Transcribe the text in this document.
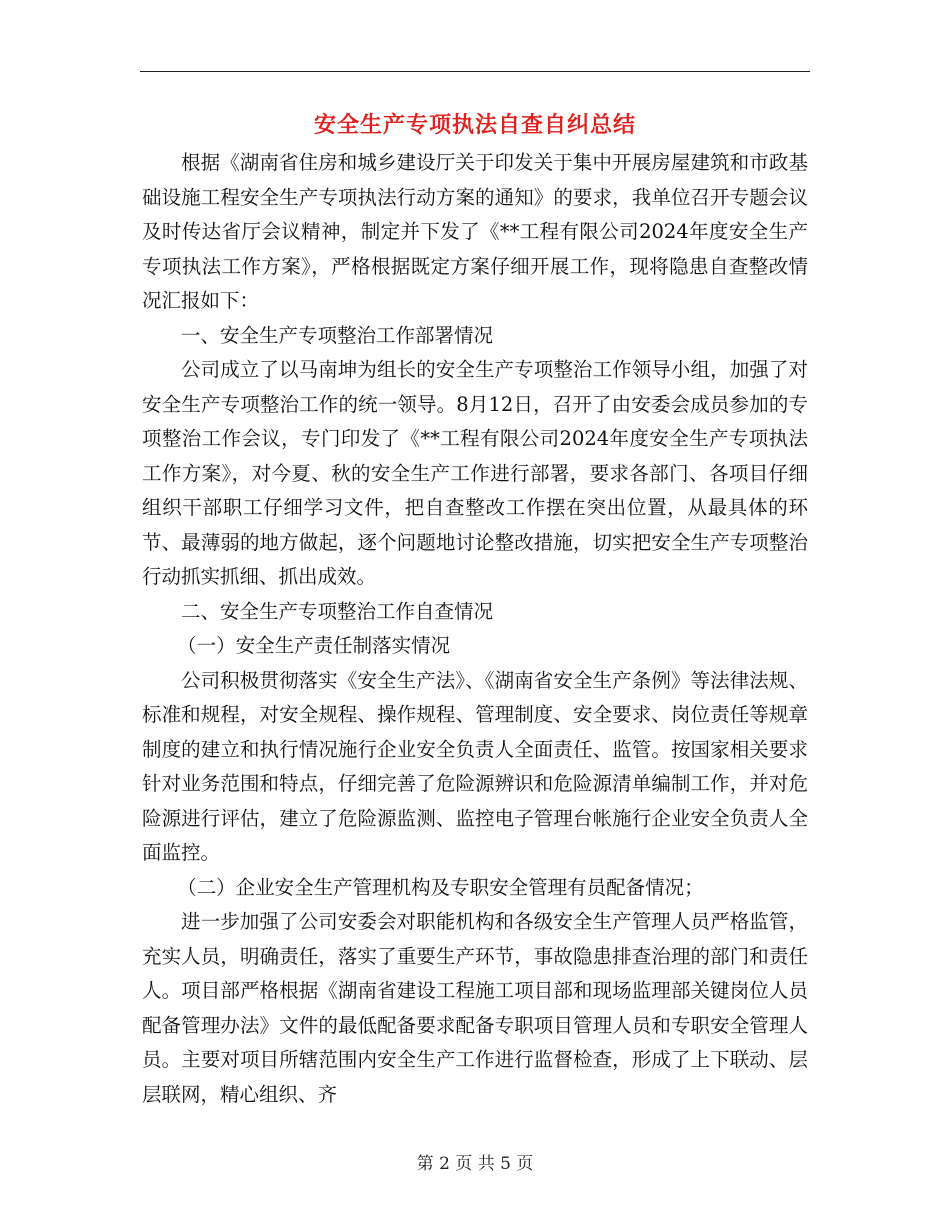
安全生产专项执法自查自纠总结

根据《湖南省住房和城乡建设厅关于印发关于集中开展房屋建筑和市政基础设施工程安全生产专项执法行动方案的通知》的要求，我单位召开专题会议及时传达省厅会议精神，制定并下发了《**工程有限公司2024年度安全生产专项执法工作方案》，严格根据既定方案仔细开展工作，现将隐患自查整改情况汇报如下：

一、安全生产专项整治工作部署情况

公司成立了以马南坤为组长的安全生产专项整治工作领导小组，加强了对安全生产专项整治工作的统一领导。8月12日，召开了由安委会成员参加的专项整治工作会议，专门印发了《**工程有限公司2024年度安全生产专项执法工作方案》，对今夏、秋的安全生产工作进行部署，要求各部门、各项目仔细组织干部职工仔细学习文件，把自查整改工作摆在突出位置，从最具体的环节、最薄弱的地方做起，逐个问题地讨论整改措施，切实把安全生产专项整治行动抓实抓细、抓出成效。

二、安全生产专项整治工作自查情况

（一）安全生产责任制落实情况

公司积极贯彻落实《安全生产法》、《湖南省安全生产条例》等法律法规、标准和规程，对安全规程、操作规程、管理制度、安全要求、岗位责任等规章制度的建立和执行情况施行企业安全负责人全面责任、监管。按国家相关要求针对业务范围和特点，仔细完善了危险源辨识和危险源清单编制工作，并对危险源进行评估，建立了危险源监测、监控电子管理台帐施行企业安全负责人全面监控。

（二）企业安全生产管理机构及专职安全管理有员配备情况；

进一步加强了公司安委会对职能机构和各级安全生产管理人员严格监管，充实人员，明确责任，落实了重要生产环节，事故隐患排查治理的部门和责任人。项目部严格根据《湖南省建设工程施工项目部和现场监理部关键岗位人员配备管理办法》文件的最低配备要求配备专职项目管理人员和专职安全管理人员。主要对项目所辖范围内安全生产工作进行监督检查，形成了上下联动、层层联网，精心组织、齐

第 2 页 共 5 页
